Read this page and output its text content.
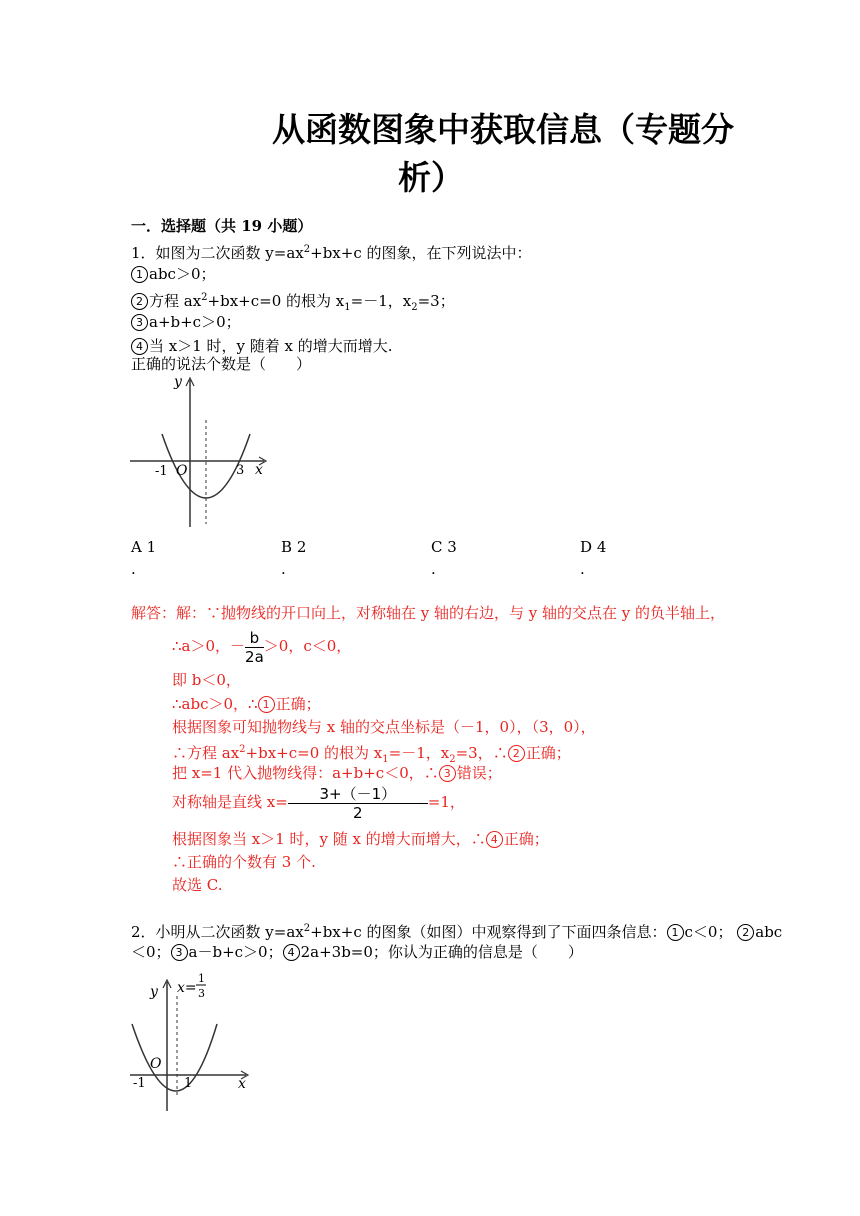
从函数图象中获取信息（专题分
析）
一．选择题（共 19 小题）
1．如图为二次函数 $y=ax^2+bx+c$ 的图象，在下列说法中：
1 abc＞0；
2 方程 $ax^2+bx+c=0$ 的根为 $x_1=-1$，$x_2=3$；
3 a+b+c＞0；
4 当 x＞1 时，y 随着 x 的增大而增大.
正确的说法个数是（　　）
y
x
O
-1	3
A 1
.
B 2
.
C 3
.
D 4
.
解答：解：∵抛物线的开口向上，对称轴在 y 轴的右边，与 y 轴的交点在 y 的负半轴上，
∴a＞0，－ $\frac{b}{2a} >0$，c＜0，
即 b＜0，
∴abc＞0，∴ 1 正确；
根据图象可知抛物线与 x 轴的交点坐标是（－1，0），（3，0），
∴方程 $ax^2+bx+c=0$ 的根为 $x_1=-1$，$x_2=3$，∴ 2 正确；
把 x=1 代入抛物线得：a+b+c＜0，∴ 3 错误；
对称轴是直线 $x= \frac{3+(-1)}{2} =1$，
根据图象当 x＞1 时，y 随 x 的增大而增大，∴ 4 正确；
∴正确的个数有 3 个.
故选 C.
2．小明从二次函数 $y=ax^2+bx+c$ 的图象（如图）中观察得到了下面四条信息： 1 c＜0； 2 abc
＜0； 3 a－b+c＞0； 4 2a+3b=0；你认为正确的信息是（　　）
y
x
O
-1	1
x=
1
3
